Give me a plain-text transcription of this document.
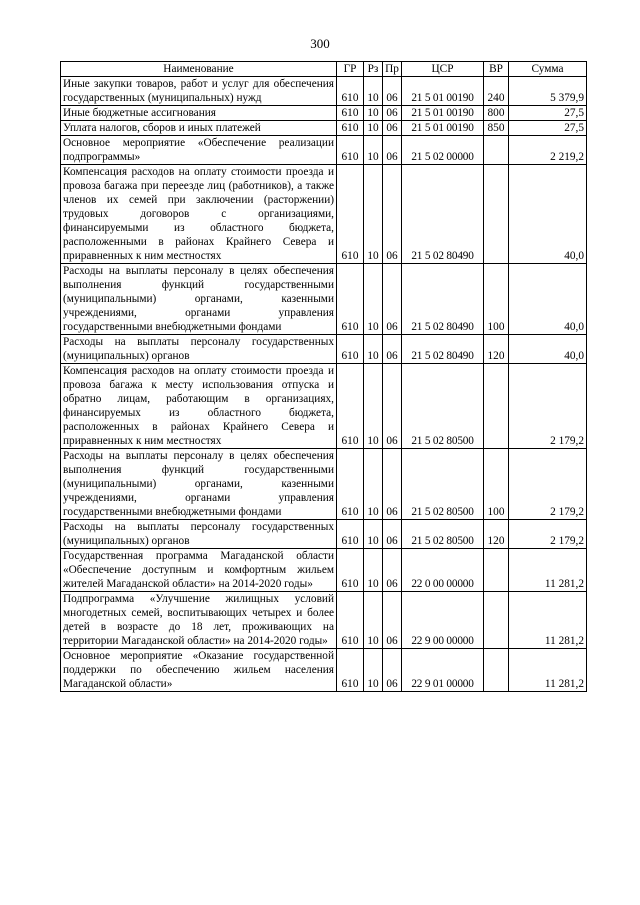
300
Наименование	ГР	Рз	Пр	ЦСР	ВР	Сумма
Иные закупки товаров, работ и услуг для обеспечения государственных (муниципальных) нужд	610	10	06	21 5 01 00190	240	5 379,9
Иные бюджетные ассигнования	610	10	06	21 5 01 00190	800	27,5
Уплата налогов, сборов и иных платежей	610	10	06	21 5 01 00190	850	27,5
Основное мероприятие «Обеспечение реализации подпрограммы»	610	10	06	21 5 02 00000		2 219,2
Компенсация расходов на оплату стоимости проезда и провоза багажа при переезде лиц (работников), а также членов их семей при заключении (расторжении) трудовых договоров с организациями, финансируемыми из областного бюджета, расположенными в районах Крайнего Севера и приравненных к ним местностях	610	10	06	21 5 02 80490		40,0
Расходы на выплаты персоналу в целях обеспечения выполнения функций государственными (муниципальными) органами, казенными учреждениями, органами управления государственными внебюджетными фондами	610	10	06	21 5 02 80490	100	40,0
Расходы на выплаты персоналу государственных (муниципальных) органов	610	10	06	21 5 02 80490	120	40,0
Компенсация расходов на оплату стоимости проезда и провоза багажа к месту использования отпуска и обратно лицам, работающим в организациях, финансируемых из областного бюджета, расположенных в районах Крайнего Севера и приравненных к ним местностях	610	10	06	21 5 02 80500		2 179,2
Расходы на выплаты персоналу в целях обеспечения выполнения функций государственными (муниципальными) органами, казенными учреждениями, органами управления государственными внебюджетными фондами	610	10	06	21 5 02 80500	100	2 179,2
Расходы на выплаты персоналу государственных (муниципальных) органов	610	10	06	21 5 02 80500	120	2 179,2
Государственная программа Магаданской области «Обеспечение доступным и комфортным жильем жителей Магаданской области» на 2014-2020 годы»	610	10	06	22 0 00 00000		11 281,2
Подпрограмма «Улучшение жилищных условий многодетных семей, воспитывающих четырех и более детей в возрасте до 18 лет, проживающих на территории Магаданской области» на 2014-2020 годы»	610	10	06	22 9 00 00000		11 281,2
Основное мероприятие «Оказание государственной поддержки по обеспечению жильем населения Магаданской области»	610	10	06	22 9 01 00000		11 281,2
